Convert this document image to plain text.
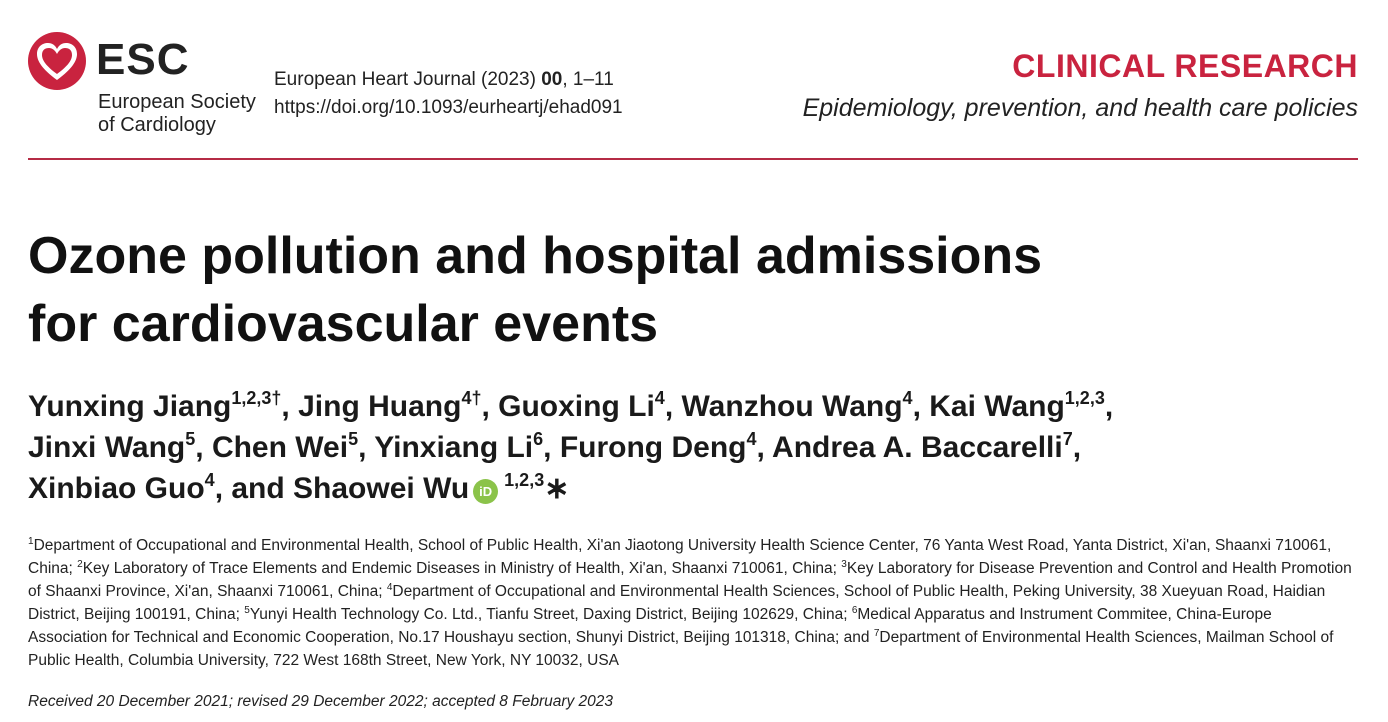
ESC
European Society
of Cardiology
European Heart Journal (2023) 00, 1–11
https://doi.org/10.1093/eurheartj/ehad091
CLINICAL RESEARCH
Epidemiology, prevention, and health care policies
Ozone pollution and hospital admissions
for cardiovascular events
Yunxing Jiang$^{1,2,3\dagger}$, Jing Huang$^{4\dagger}$, Guoxing Li$^4$, Wanzhou Wang$^4$, Kai Wang$^{1,2,3}$,
Jinxi Wang$^5$, Chen Wei$^5$, Yinxiang Li$^6$, Furong Deng$^4$, Andrea A. Baccarelli$^7$,
Xinbiao Guo$^4$, and Shaowei Wu iD$^{1,2,3}$∗
$^1$Department of Occupational and Environmental Health, School of Public Health, Xi'an Jiaotong University Health Science Center, 76 Yanta West Road, Yanta District, Xi'an, Shaanxi 710061, China; $^2$Key Laboratory of Trace Elements and Endemic Diseases in Ministry of Health, Xi'an, Shaanxi 710061, China; $^3$Key Laboratory for Disease Prevention and Control and Health Promotion of Shaanxi Province, Xi'an, Shaanxi 710061, China; $^4$Department of Occupational and Environmental Health Sciences, School of Public Health, Peking University, 38 Xueyuan Road, Haidian District, Beijing 100191, China; $^5$Yunyi Health Technology Co. Ltd., Tianfu Street, Daxing District, Beijing 102629, China; $^6$Medical Apparatus and Instrument Commitee, China-Europe Association for Technical and Economic Cooperation, No.17 Houshayu section, Shunyi District, Beijing 101318, China; and $^7$Department of Environmental Health Sciences, Mailman School of Public Health, Columbia University, 722 West 168th Street, New York, NY 10032, USA
Received 20 December 2021; revised 29 December 2022; accepted 8 February 2023
